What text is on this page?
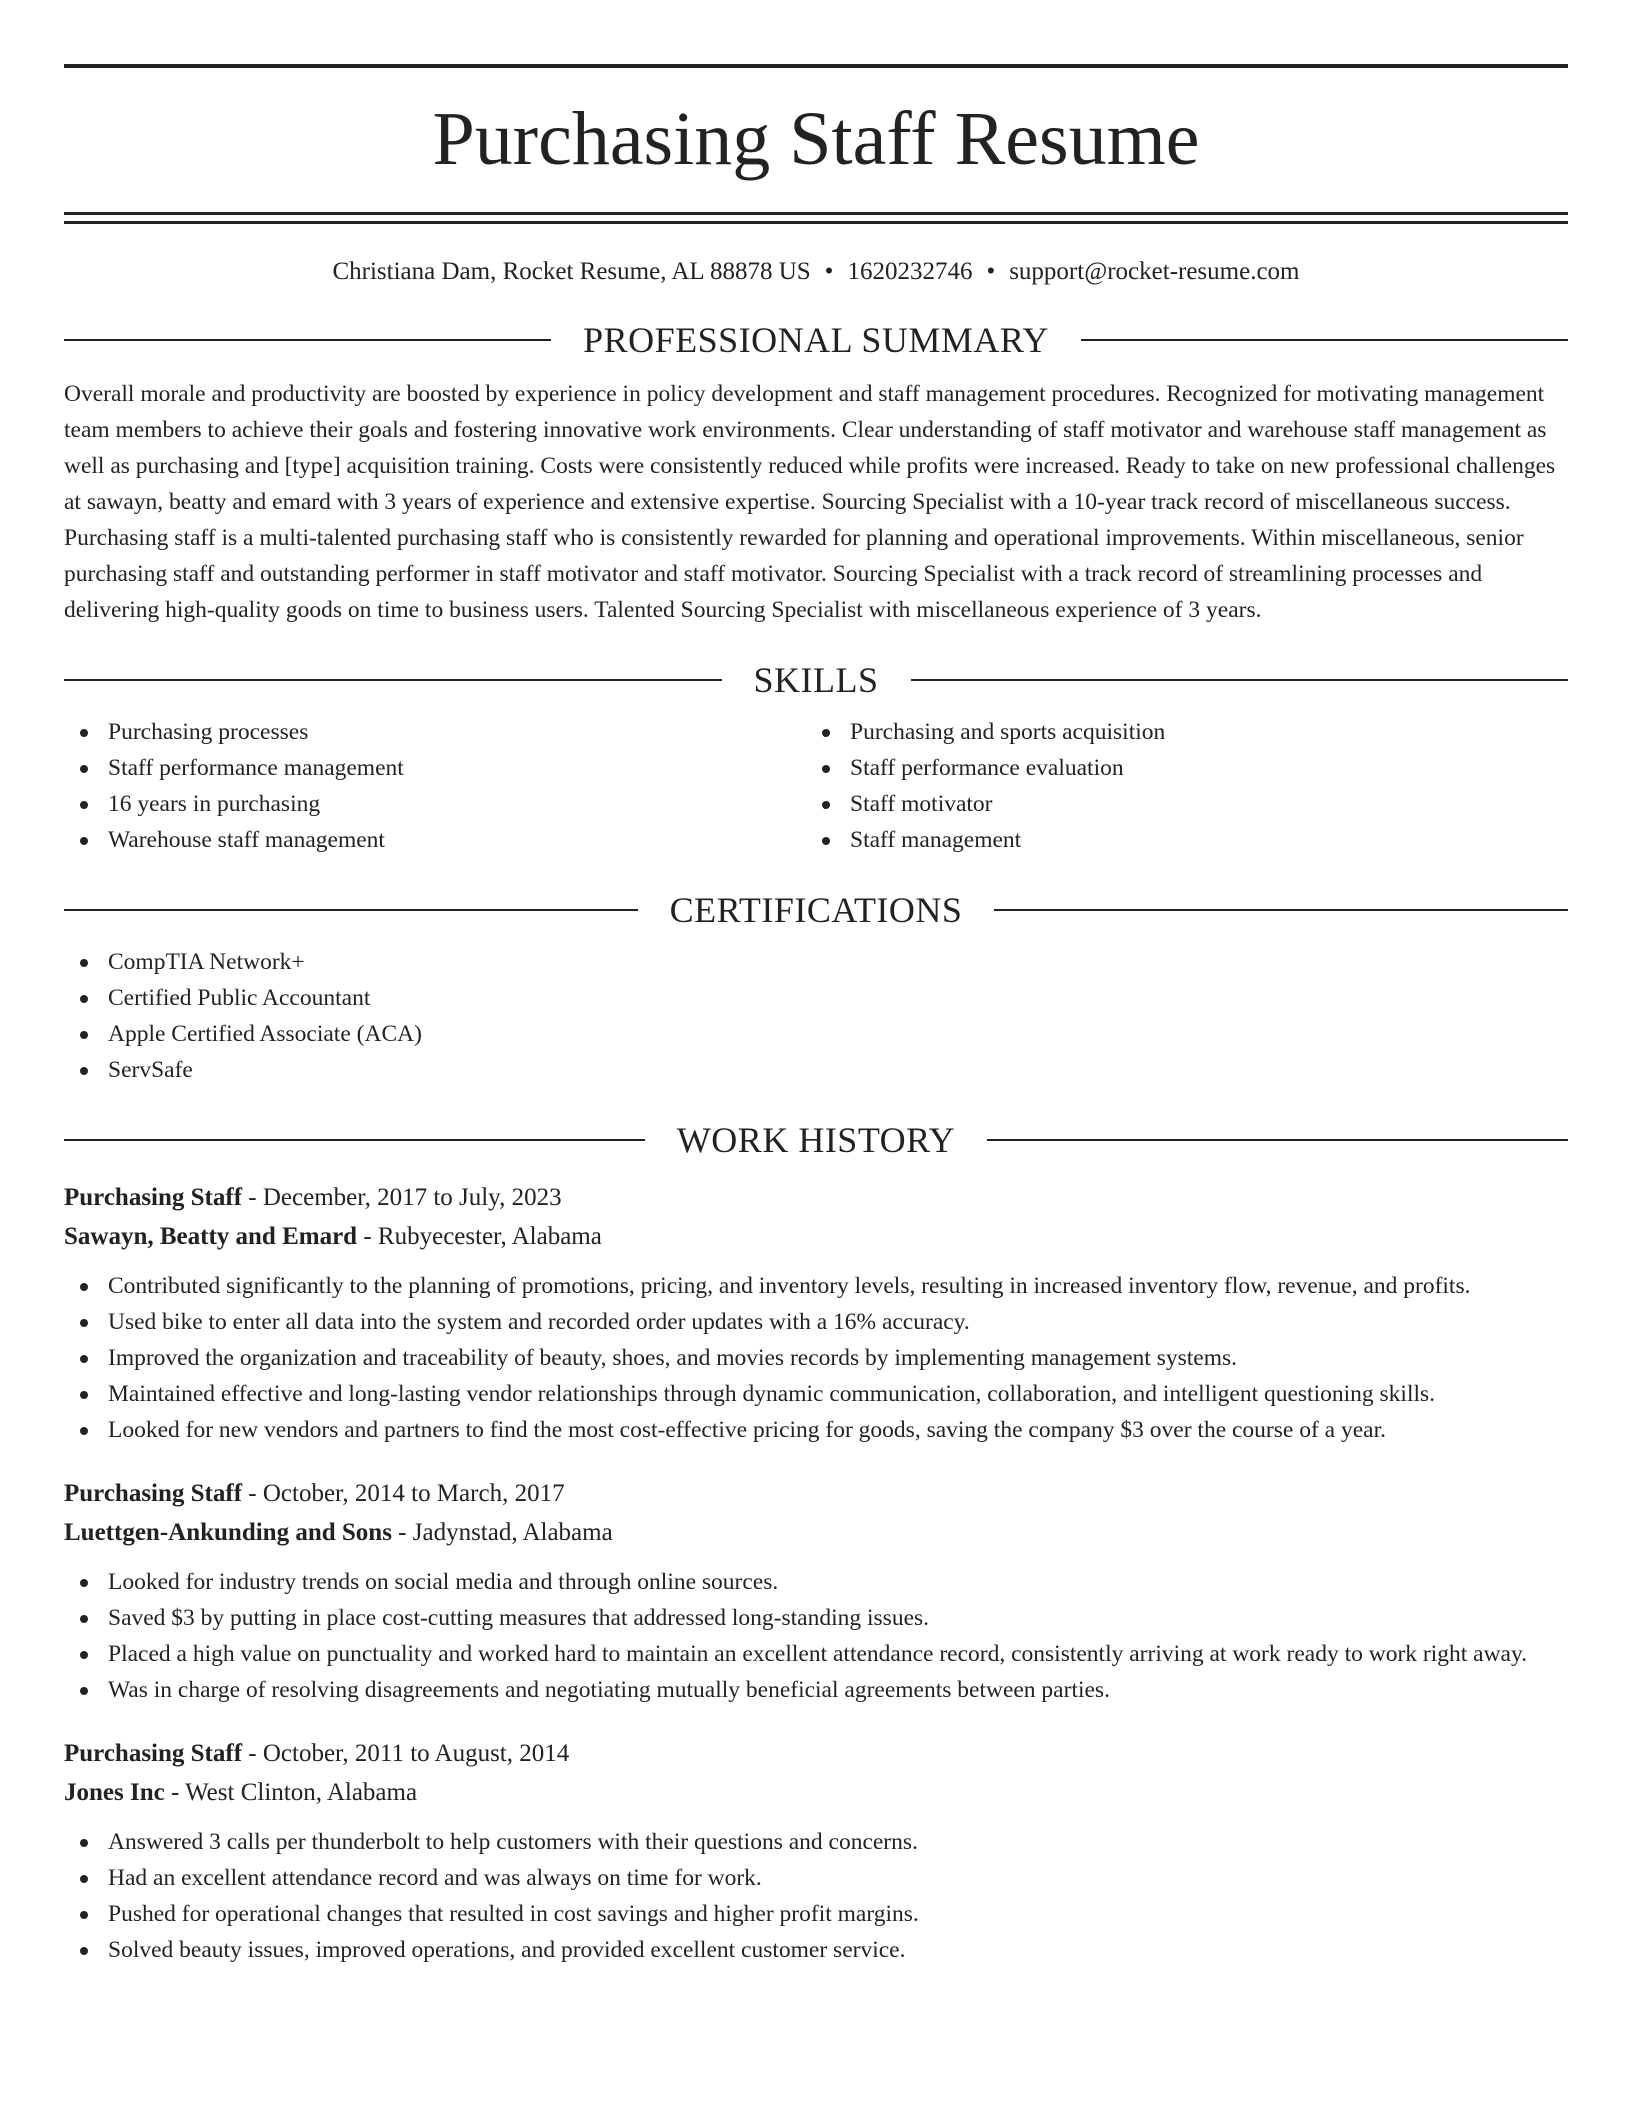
Purchasing Staff Resume
Christiana Dam, Rocket Resume, AL 88878 US • 1620232746 • support@rocket-resume.com
PROFESSIONAL SUMMARY

Overall morale and productivity are boosted by experience in policy development and staff management procedures. Recognized for motivating management team members to achieve their goals and fostering innovative work environments. Clear understanding of staff motivator and warehouse staff management as well as purchasing and [type] acquisition training. Costs were consistently reduced while profits were increased. Ready to take on new professional challenges at sawayn, beatty and emard with 3 years of experience and extensive expertise. Sourcing Specialist with a 10-year track record of miscellaneous success. Purchasing staff is a multi-talented purchasing staff who is consistently rewarded for planning and operational improvements. Within miscellaneous, senior purchasing staff and outstanding performer in staff motivator and staff motivator. Sourcing Specialist with a track record of streamlining processes and delivering high-quality goods on time to business users. Talented Sourcing Specialist with miscellaneous experience of 3 years.

SKILLS
Purchasing processes
Staff performance management
16 years in purchasing
Warehouse staff management
Purchasing and sports acquisition
Staff performance evaluation
Staff motivator
Staff management
CERTIFICATIONS
CompTIA Network+
Certified Public Accountant
Apple Certified Associate (ACA)
ServSafe
WORK HISTORY
Purchasing Staff - December, 2017 to July, 2023
Sawayn, Beatty and Emard - Rubyecester, Alabama
Contributed significantly to the planning of promotions, pricing, and inventory levels, resulting in increased inventory flow, revenue, and profits.
Used bike to enter all data into the system and recorded order updates with a 16% accuracy.
Improved the organization and traceability of beauty, shoes, and movies records by implementing management systems.
Maintained effective and long-lasting vendor relationships through dynamic communication, collaboration, and intelligent questioning skills.
Looked for new vendors and partners to find the most cost-effective pricing for goods, saving the company $3 over the course of a year.
Purchasing Staff - October, 2014 to March, 2017
Luettgen-Ankunding and Sons - Jadynstad, Alabama
Looked for industry trends on social media and through online sources.
Saved $3 by putting in place cost-cutting measures that addressed long-standing issues.
Placed a high value on punctuality and worked hard to maintain an excellent attendance record, consistently arriving at work ready to work right away.
Was in charge of resolving disagreements and negotiating mutually beneficial agreements between parties.
Purchasing Staff - October, 2011 to August, 2014
Jones Inc - West Clinton, Alabama
Answered 3 calls per thunderbolt to help customers with their questions and concerns.
Had an excellent attendance record and was always on time for work.
Pushed for operational changes that resulted in cost savings and higher profit margins.
Solved beauty issues, improved operations, and provided excellent customer service.
